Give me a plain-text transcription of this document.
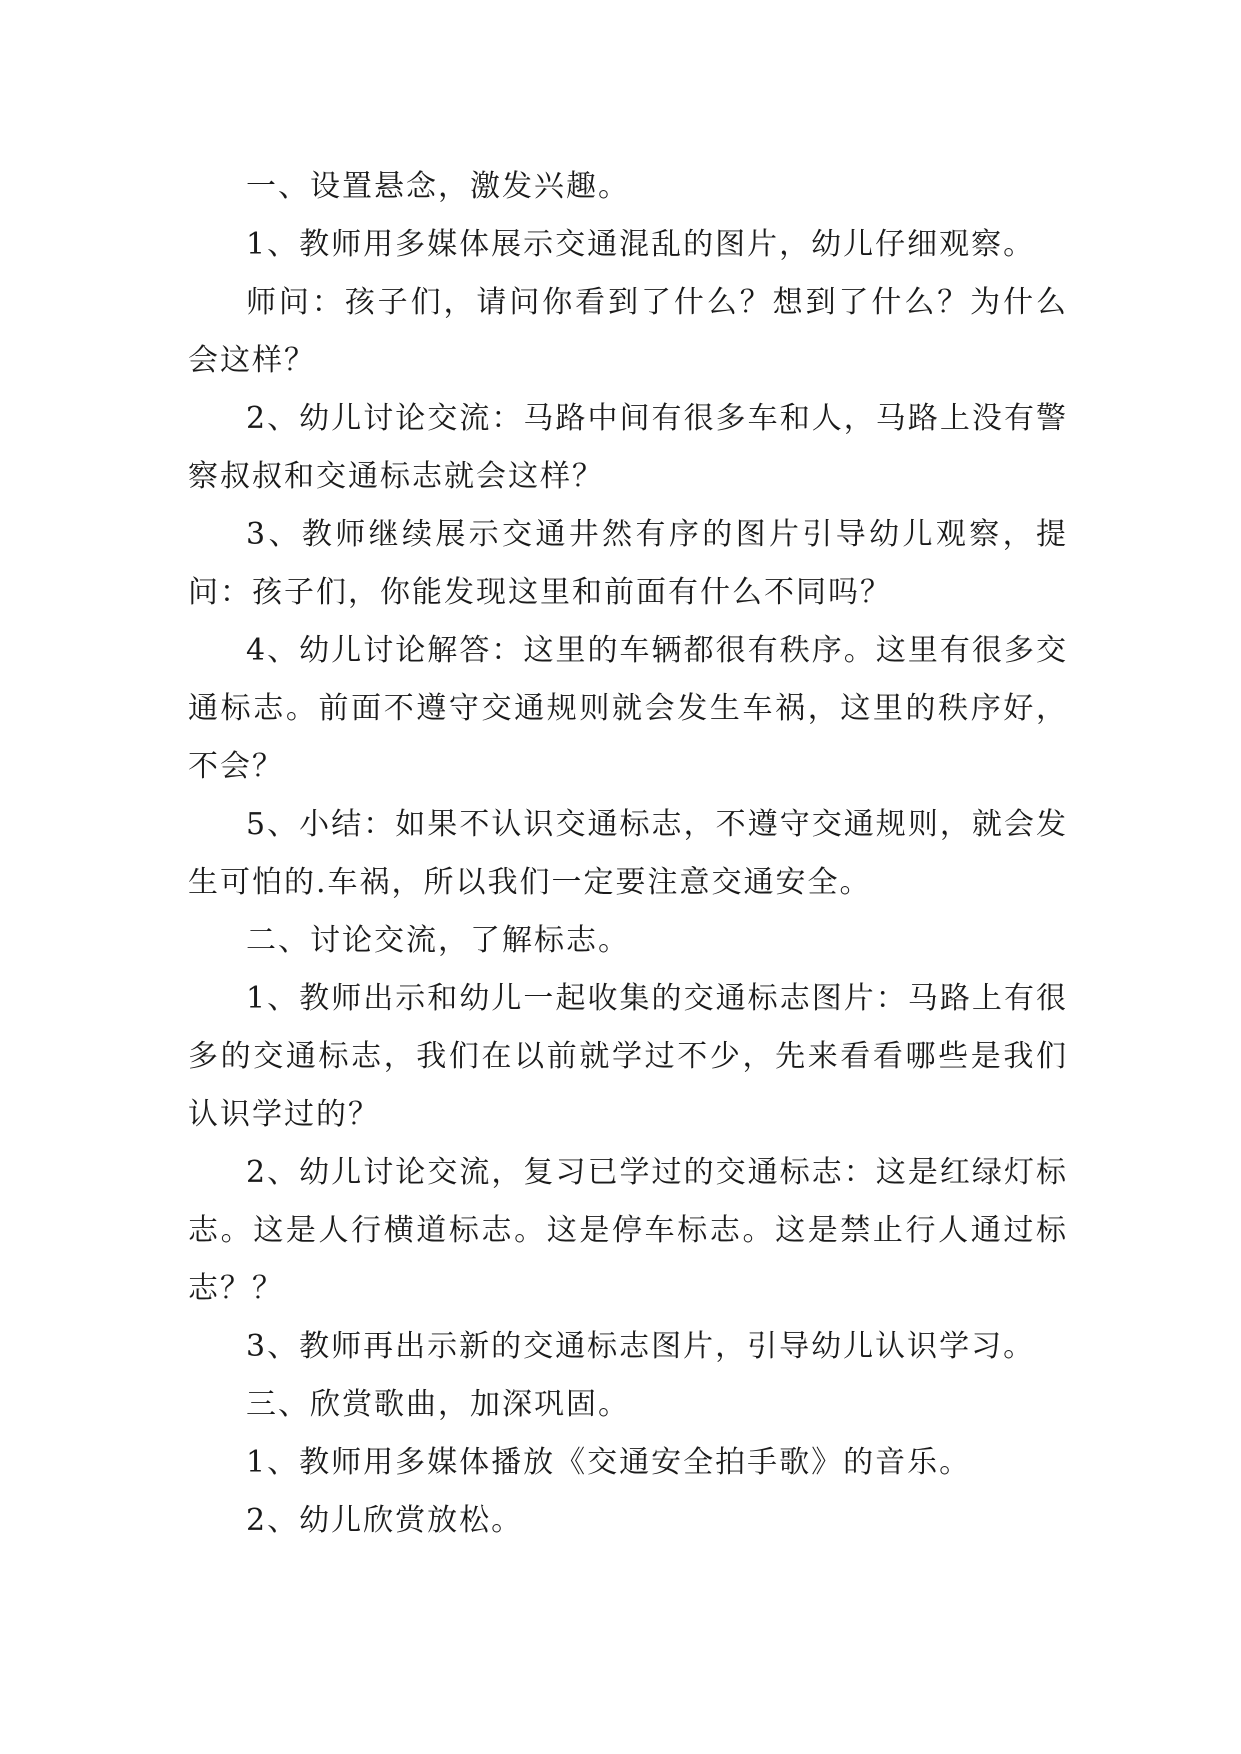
一、设置悬念，激发兴趣。

1、教师用多媒体展示交通混乱的图片，幼儿仔细观察。

师问：孩子们，请问你看到了什么？想到了什么？为什么会这样？

2、幼儿讨论交流：马路中间有很多车和人，马路上没有警察叔叔和交通标志就会这样？

3、教师继续展示交通井然有序的图片引导幼儿观察，提问：孩子们，你能发现这里和前面有什么不同吗？

4、幼儿讨论解答：这里的车辆都很有秩序。这里有很多交通标志。前面不遵守交通规则就会发生车祸，这里的秩序好，不会？

5、小结：如果不认识交通标志，不遵守交通规则，就会发生可怕的.车祸，所以我们一定要注意交通安全。

二、讨论交流，了解标志。

1、教师出示和幼儿一起收集的交通标志图片：马路上有很多的交通标志，我们在以前就学过不少，先来看看哪些是我们认识学过的？

2、幼儿讨论交流，复习已学过的交通标志：这是红绿灯标志。这是人行横道标志。这是停车标志。这是禁止行人通过标志？？

3、教师再出示新的交通标志图片，引导幼儿认识学习。

三、欣赏歌曲，加深巩固。

1、教师用多媒体播放《交通安全拍手歌》的音乐。

2、幼儿欣赏放松。
